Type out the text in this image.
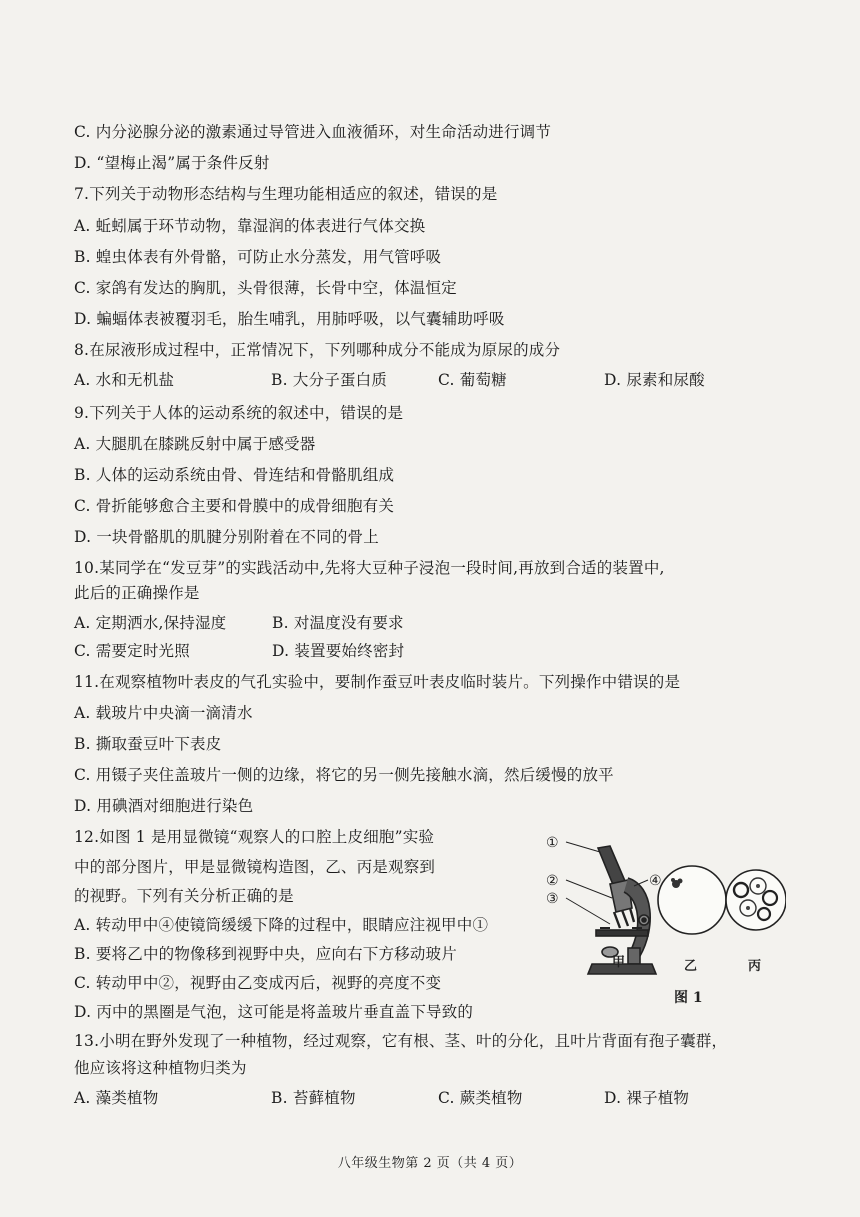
C. 内分泌腺分泌的激素通过导管进入血液循环，对生命活动进行调节
D. “望梅止渴”属于条件反射
7.下列关于动物形态结构与生理功能相适应的叙述，错误的是
A. 蚯蚓属于环节动物，靠湿润的体表进行气体交换
B. 蝗虫体表有外骨骼，可防止水分蒸发，用气管呼吸
C. 家鸽有发达的胸肌，头骨很薄，长骨中空，体温恒定
D. 蝙蝠体表被覆羽毛，胎生哺乳，用肺呼吸，以气囊辅助呼吸
8.在尿液形成过程中，正常情况下，下列哪种成分不能成为原尿的成分
A. 水和无机盐	B. 大分子蛋白质	C. 葡萄糖	D. 尿素和尿酸
9.下列关于人体的运动系统的叙述中，错误的是
A. 大腿肌在膝跳反射中属于感受器
B. 人体的运动系统由骨、骨连结和骨骼肌组成
C. 骨折能够愈合主要和骨膜中的成骨细胞有关
D. 一块骨骼肌的肌腱分别附着在不同的骨上
10.某同学在“发豆芽”的实践活动中,先将大豆种子浸泡一段时间,再放到合适的装置中,
此后的正确操作是
A. 定期洒水,保持湿度	B. 对温度没有要求
C. 需要定时光照	D. 装置要始终密封
11.在观察植物叶表皮的气孔实验中，要制作蚕豆叶表皮临时装片。下列操作中错误的是
A. 载玻片中央滴一滴清水
B. 撕取蚕豆叶下表皮
C. 用镊子夹住盖玻片一侧的边缘，将它的另一侧先接触水滴，然后缓慢的放平
D. 用碘酒对细胞进行染色
12.如图 1 是用显微镜“观察人的口腔上皮细胞”实验
中的部分图片，甲是显微镜构造图，乙、丙是观察到
的视野。下列有关分析正确的是
A. 转动甲中④使镜筒缓缓下降的过程中，眼睛应注视甲中①
B. 要将乙中的物像移到视野中央，应向右下方移动玻片
C. 转动甲中②，视野由乙变成丙后，视野的亮度不变
D. 丙中的黑圈是气泡，这可能是将盖玻片垂直盖下导致的
13.小明在野外发现了一种植物，经过观察，它有根、茎、叶的分化，且叶片背面有孢子囊群，
他应该将这种植物归类为
A. 藻类植物	B. 苔藓植物	C. 蕨类植物	D. 裸子植物
①
②
③
④
甲	乙	丙
图 1
八年级生物第 2 页（共 4 页）
